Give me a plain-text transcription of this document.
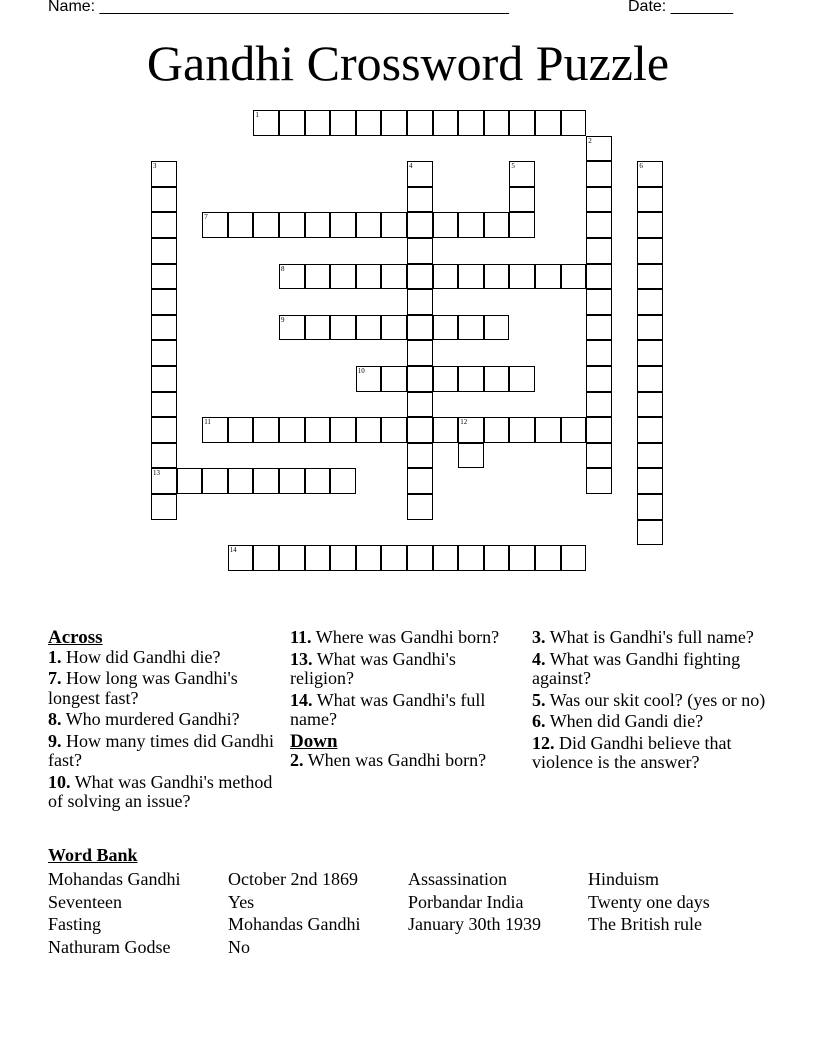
Name: ______________________________________________	Date: _______
Gandhi Crossword Puzzle
1
2
3	4	5	6
7
8
9
10
11	12
13
14
Across
1. How did Gandhi die?
7. How long was Gandhi's longest fast?
8. Who murdered Gandhi?
9. How many times did Gandhi fast?
10. What was Gandhi's method of solving an issue?
11. Where was Gandhi born?
13. What was Gandhi's religion?
14. What was Gandhi's full name?
Down
2. When was Gandhi born?
3. What is Gandhi's full name?
4. What was Gandhi fighting against?
5. Was our skit cool? (yes or no)
6. When did Gandi die?
12. Did Gandhi believe that violence is the answer?
Word Bank
Mohandas Gandhi	October 2nd 1869	Assassination	Hinduism
Seventeen	Yes	Porbandar India	Twenty one days
Fasting	Mohandas Gandhi	January 30th 1939	The British rule
Nathuram Godse	No
